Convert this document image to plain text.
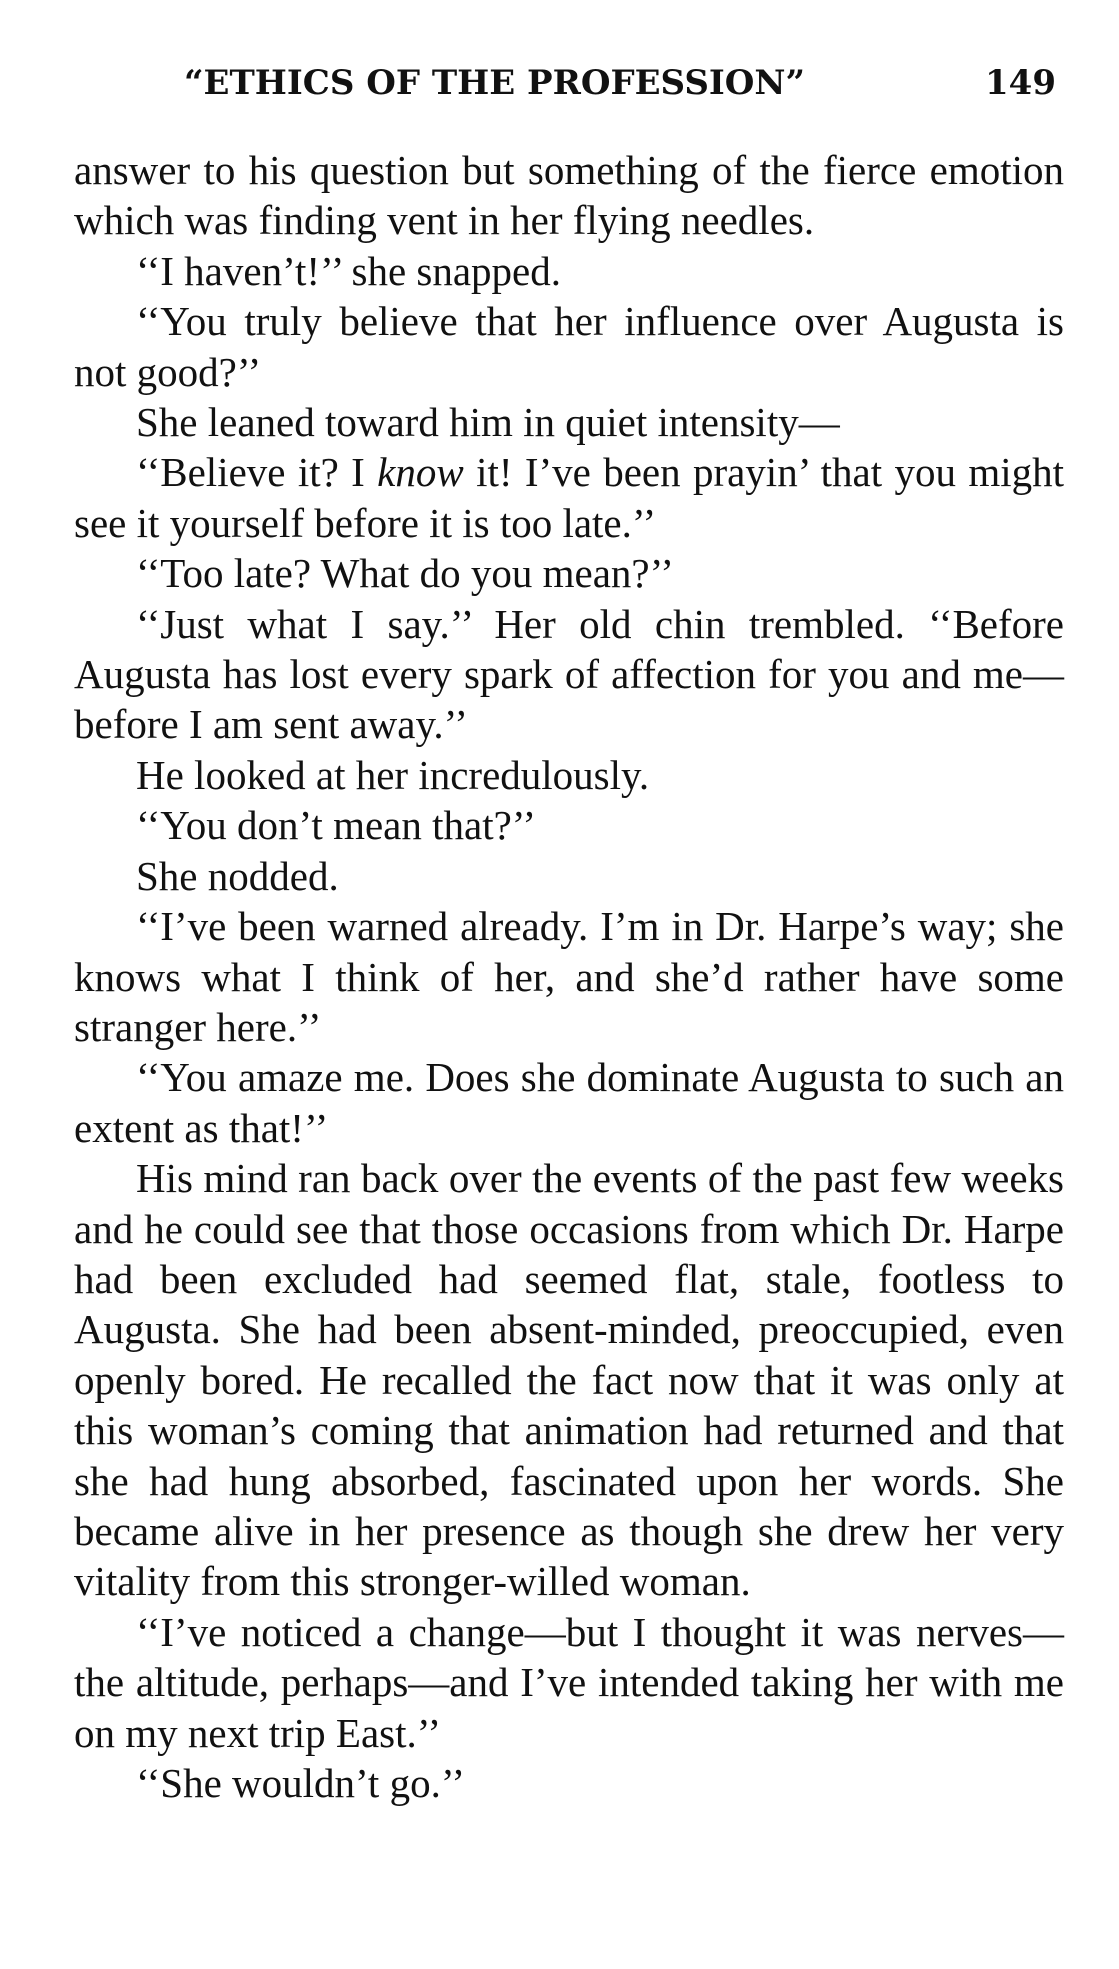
“ETHICS OF THE PROFESSION”	149

answer to his question but something of the fierce emotion which was finding vent in her flying needles.

‘‘I haven’t!’’ she snapped.

‘‘You truly believe that her influence over Augusta is not good?’’

She leaned toward him in quiet intensity—

‘‘Believe it? I know it! I’ve been prayin’ that you might see it yourself before it is too late.’’

‘‘Too late? What do you mean?’’

‘‘Just what I say.’’ Her old chin trembled. ‘‘Before Augusta has lost every spark of affection for you and me—before I am sent away.’’

He looked at her incredulously.

‘‘You don’t mean that?’’

She nodded.

‘‘I’ve been warned already. I’m in Dr. Harpe’s way; she knows what I think of her, and she’d rather have some stranger here.’’

‘‘You amaze me. Does she dominate Augusta to such an extent as that!’’

His mind ran back over the events of the past few weeks and he could see that those occasions from which Dr. Harpe had been excluded had seemed flat, stale, footless to Augusta. She had been absent-minded, preoccupied, even openly bored. He recalled the fact now that it was only at this woman’s coming that animation had returned and that she had hung absorbed, fascinated upon her words. She became alive in her presence as though she drew her very vitality from this stronger-willed woman.

‘‘I’ve noticed a change—but I thought it was nerves—the altitude, perhaps—and I’ve intended taking her with me on my next trip East.’’

‘‘She wouldn’t go.’’
